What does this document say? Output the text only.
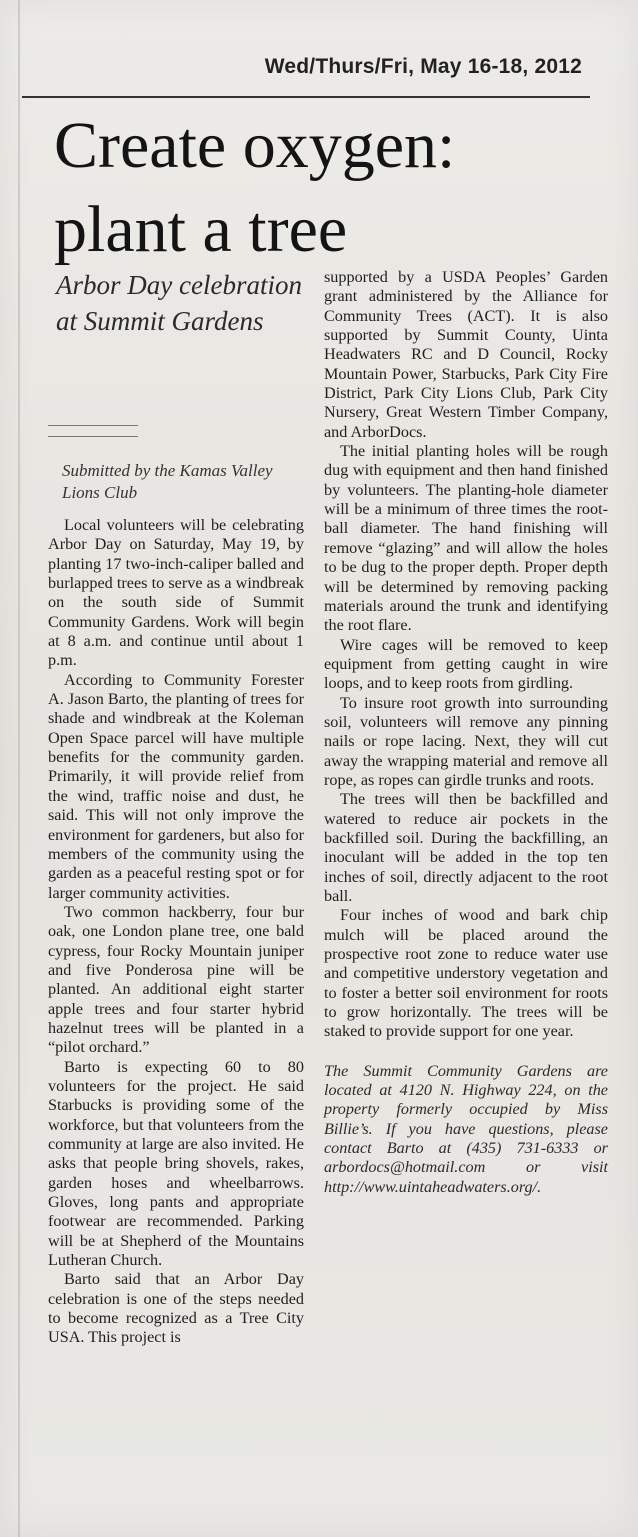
Wed/Thurs/Fri, May 16-18, 2012
Create oxygen:
plant a tree
Arbor Day celebration at Summit Gardens
Submitted by the Kamas Valley Lions Club

Local volunteers will be celebrating Arbor Day on Saturday, May 19, by planting 17 two-inch-caliper balled and burlapped trees to serve as a windbreak on the south side of Summit Community Gardens. Work will begin at 8 a.m. and continue until about 1 p.m.

According to Community Forester A. Jason Barto, the planting of trees for shade and windbreak at the Koleman Open Space parcel will have multiple benefits for the community garden. Primarily, it will provide relief from the wind, traffic noise and dust, he said. This will not only improve the environment for gardeners, but also for members of the community using the garden as a peaceful resting spot or for larger community activities.

Two common hackberry, four bur oak, one London plane tree, one bald cypress, four Rocky Mountain juniper and five Ponderosa pine will be planted. An additional eight starter apple trees and four starter hybrid hazelnut trees will be planted in a “pilot orchard.”

Barto is expecting 60 to 80 volunteers for the project. He said Starbucks is providing some of the workforce, but that volunteers from the community at large are also invited. He asks that people bring shovels, rakes, garden hoses and wheelbarrows. Gloves, long pants and appropriate footwear are recommended. Parking will be at Shepherd of the Mountains Lutheran Church.

Barto said that an Arbor Day celebration is one of the steps needed to become recognized as a Tree City USA. This project is

supported by a USDA Peoples’ Garden grant administered by the Alliance for Community Trees (ACT). It is also supported by Summit County, Uinta Headwaters RC and D Council, Rocky Mountain Power, Starbucks, Park City Fire District, Park City Lions Club, Park City Nursery, Great Western Timber Company, and ArborDocs.

The initial planting holes will be rough dug with equipment and then hand finished by volunteers. The planting-hole diameter will be a minimum of three times the root-ball diameter. The hand finishing will remove “glazing” and will allow the holes to be dug to the proper depth. Proper depth will be determined by removing packing materials around the trunk and identifying the root flare.

Wire cages will be removed to keep equipment from getting caught in wire loops, and to keep roots from girdling.

To insure root growth into surrounding soil, volunteers will remove any pinning nails or rope lacing. Next, they will cut away the wrapping material and remove all rope, as ropes can girdle trunks and roots.

The trees will then be backfilled and watered to reduce air pockets in the backfilled soil. During the backfilling, an inoculant will be added in the top ten inches of soil, directly adjacent to the root ball.

Four inches of wood and bark chip mulch will be placed around the prospective root zone to reduce water use and competitive understory vegetation and to foster a better soil environment for roots to grow horizontally. The trees will be staked to provide support for one year.

The Summit Community Gardens are located at 4120 N. Highway 224, on the property formerly occupied by Miss Billie’s. If you have questions, please contact Barto at (435) 731-6333 or arbordocs@hotmail.com or visit http://www.uintaheadwaters.org/.
